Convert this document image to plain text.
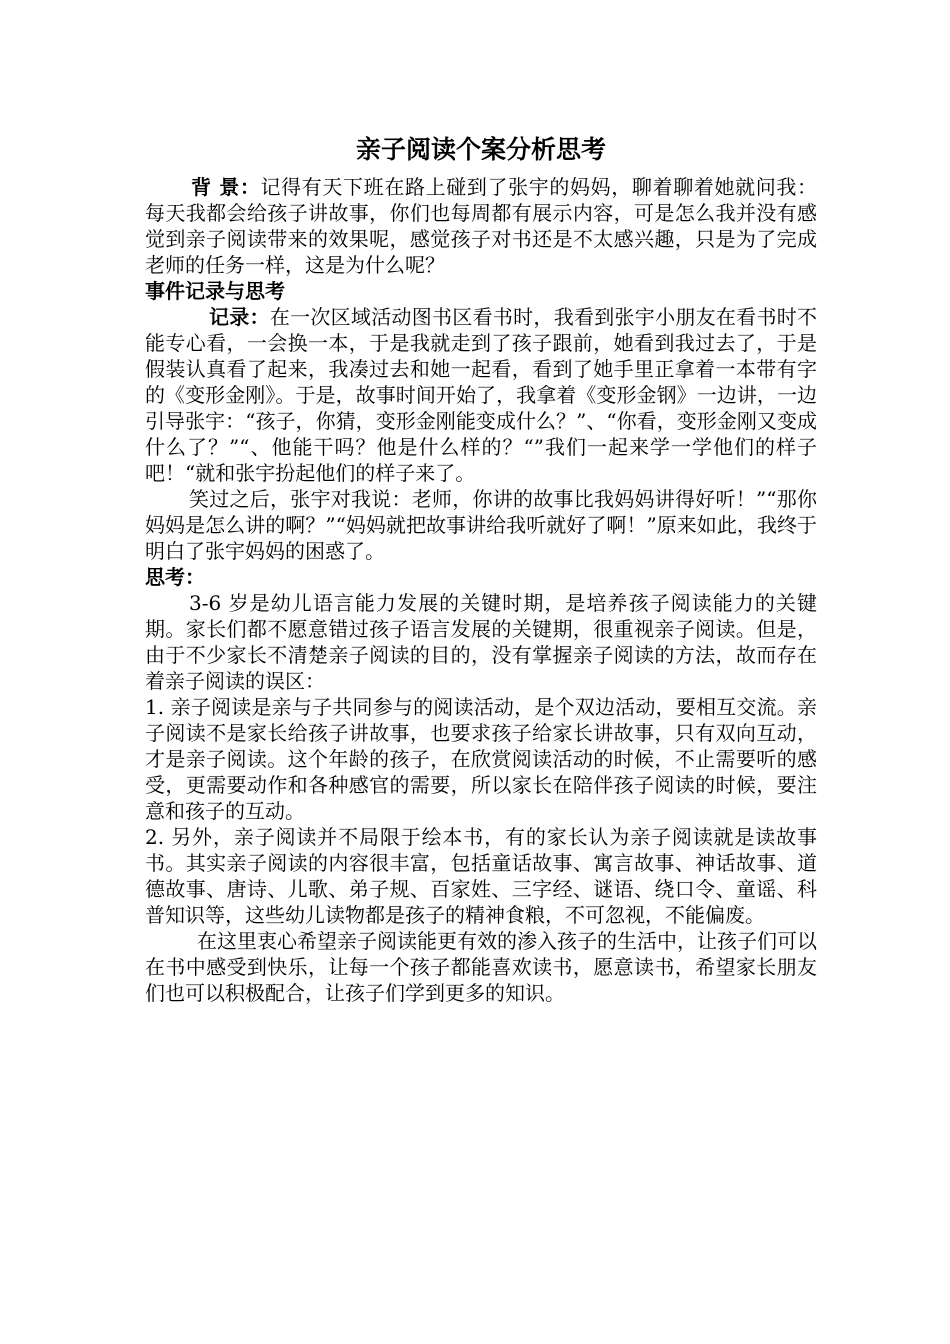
亲子阅读个案分析思考

背 景：记得有天下班在路上碰到了张宇的妈妈，聊着聊着她就问我：每天我都会给孩子讲故事，你们也每周都有展示内容，可是怎么我并没有感觉到亲子阅读带来的效果呢，感觉孩子对书还是不太感兴趣，只是为了完成老师的任务一样，这是为什么呢？

事件记录与思考

记录：在一次区域活动图书区看书时，我看到张宇小朋友在看书时不能专心看，一会换一本，于是我就走到了孩子跟前，她看到我过去了，于是假装认真看了起来，我凑过去和她一起看，看到了她手里正拿着一本带有字的《变形金刚》。于是，故事时间开始了，我拿着《变形金钢》一边讲，一边引导张宇：“孩子，你猜，变形金刚能变成什么？”、“你看，变形金刚又变成什么了？”“、他能干吗？他是什么样的？“”我们一起来学一学他们的样子吧！“就和张宇扮起他们的样子来了。

笑过之后，张宇对我说：老师，你讲的故事比我妈妈讲得好听！”“那你妈妈是怎么讲的啊？”“妈妈就把故事讲给我听就好了啊！”原来如此，我终于明白了张宇妈妈的困惑了。

思考：

3-6 岁是幼儿语言能力发展的关键时期，是培养孩子阅读能力的关键期。家长们都不愿意错过孩子语言发展的关键期，很重视亲子阅读。但是，由于不少家长不清楚亲子阅读的目的，没有掌握亲子阅读的方法，故而存在着亲子阅读的误区：

1. 亲子阅读是亲与子共同参与的阅读活动，是个双边活动，要相互交流。亲子阅读不是家长给孩子讲故事，也要求孩子给家长讲故事，只有双向互动，才是亲子阅读。这个年龄的孩子，在欣赏阅读活动的时候，不止需要听的感受，更需要动作和各种感官的需要，所以家长在陪伴孩子阅读的时候，要注意和孩子的互动。

2. 另外，亲子阅读并不局限于绘本书，有的家长认为亲子阅读就是读故事书。其实亲子阅读的内容很丰富，包括童话故事、寓言故事、神话故事、道德故事、唐诗、儿歌、弟子规、百家姓、三字经、谜语、绕口令、童谣、科普知识等，这些幼儿读物都是孩子的精神食粮，不可忽视，不能偏废。

在这里衷心希望亲子阅读能更有效的渗入孩子的生活中，让孩子们可以在书中感受到快乐，让每一个孩子都能喜欢读书，愿意读书，希望家长朋友们也可以积极配合，让孩子们学到更多的知识。
